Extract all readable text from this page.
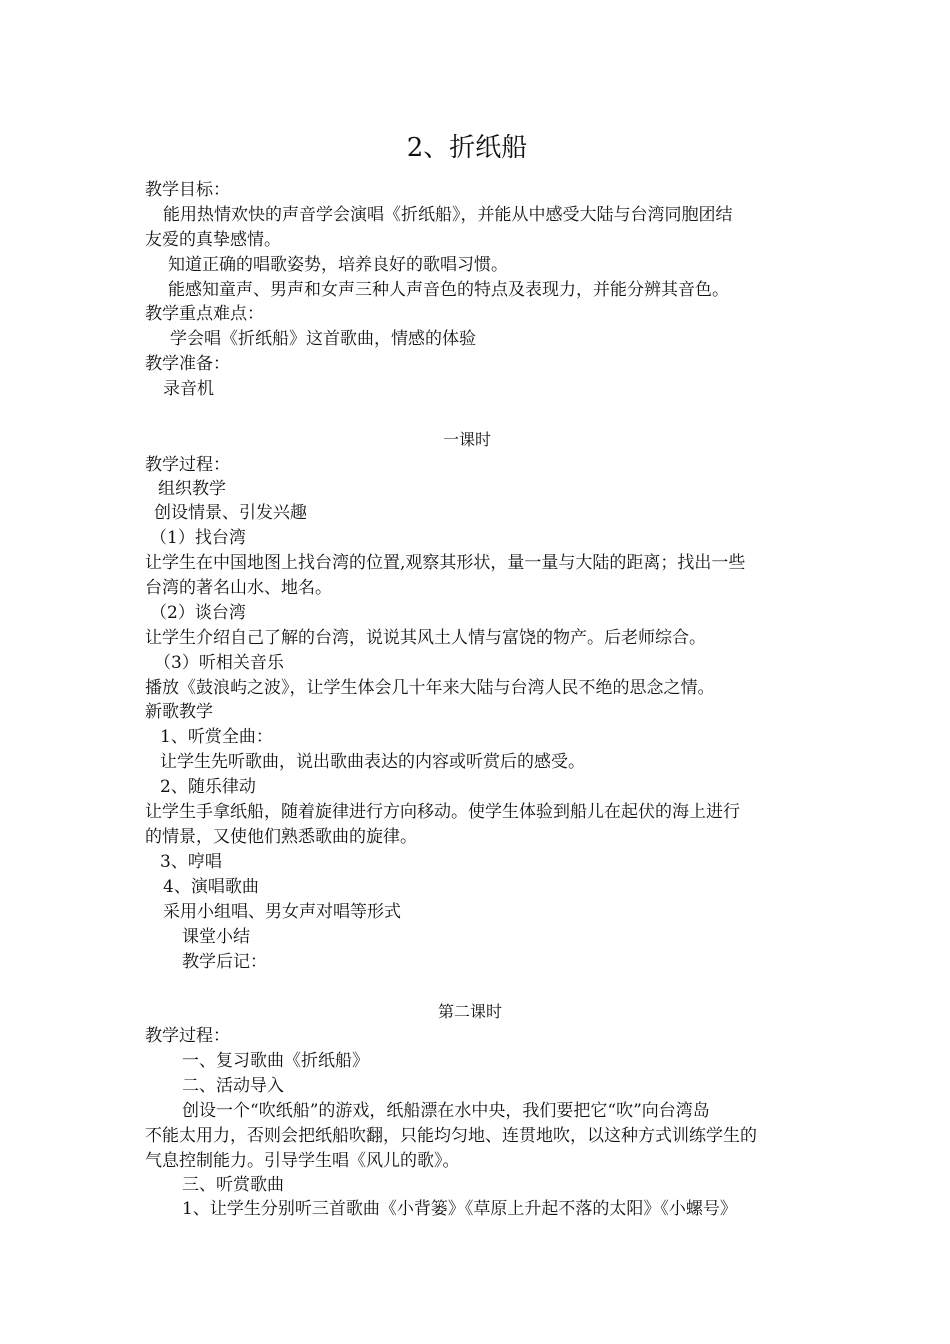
2、折纸船
教学目标：
能用热情欢快的声音学会演唱《折纸船》，并能从中感受大陆与台湾同胞团结
友爱的真挚感情。
知道正确的唱歌姿势，培养良好的歌唱习惯。
能感知童声、男声和女声三种人声音色的特点及表现力，并能分辨其音色。
教学重点难点：
学会唱《折纸船》这首歌曲，情感的体验
教学准备：
录音机
一课时
教学过程：
组织教学
创设情景、引发兴趣
（1）找台湾
让学生在中国地图上找台湾的位置,观察其形状，量一量与大陆的距离；找出一些
台湾的著名山水、地名。
（2）谈台湾
让学生介绍自己了解的台湾，说说其风土人情与富饶的物产。后老师综合。
（3）听相关音乐
播放《鼓浪屿之波》，让学生体会几十年来大陆与台湾人民不绝的思念之情。
新歌教学
1、听赏全曲：
让学生先听歌曲，说出歌曲表达的内容或听赏后的感受。
2、随乐律动
让学生手拿纸船，随着旋律进行方向移动。使学生体验到船儿在起伏的海上进行
的情景，又使他们熟悉歌曲的旋律。
3、哼唱
4、演唱歌曲
采用小组唱、男女声对唱等形式
课堂小结
教学后记：
第二课时
教学过程：
一、复习歌曲《折纸船》
二、活动导入
创设一个“吹纸船”的游戏，纸船漂在水中央，我们要把它“吹”向台湾岛
不能太用力，否则会把纸船吹翻，只能均匀地、连贯地吹，以这种方式训练学生的
气息控制能力。引导学生唱《风儿的歌》。
三、听赏歌曲
1、让学生分别听三首歌曲《小背篓》《草原上升起不落的太阳》《小螺号》
